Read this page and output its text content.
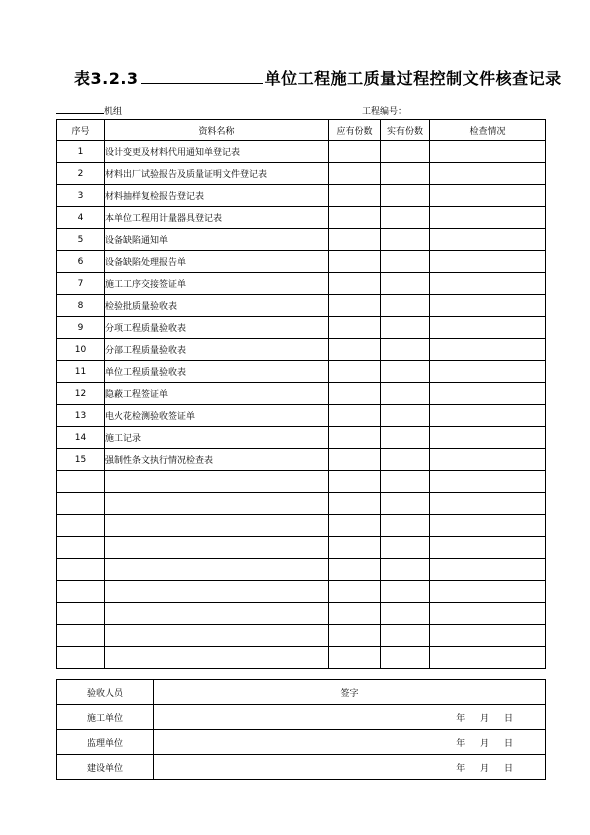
表3.2.3	单位工程施工质量过程控制文件核查记录
机组	工程编号：
序号	资料名称	应有份数	实有份数	检查情况
1	设计变更及材料代用通知单登记表			
2	材料出厂试验报告及质量证明文件登记表			
3	材料抽样复检报告登记表			
4	本单位工程用计量器具登记表			
5	设备缺陷通知单			
6	设备缺陷处理报告单			
7	施工工序交接签证单			
8	检验批质量验收表			
9	分项工程质量验收表			
10	分部工程质量验收表			
11	单位工程质量验收表			
12	隐蔽工程签证单			
13	电火花检测验收签证单			
14	施工记录			
15	强制性条文执行情况检查表			

验收人员	签字
施工单位	年 月 日
监理单位	年 月 日
建设单位	年 月 日
